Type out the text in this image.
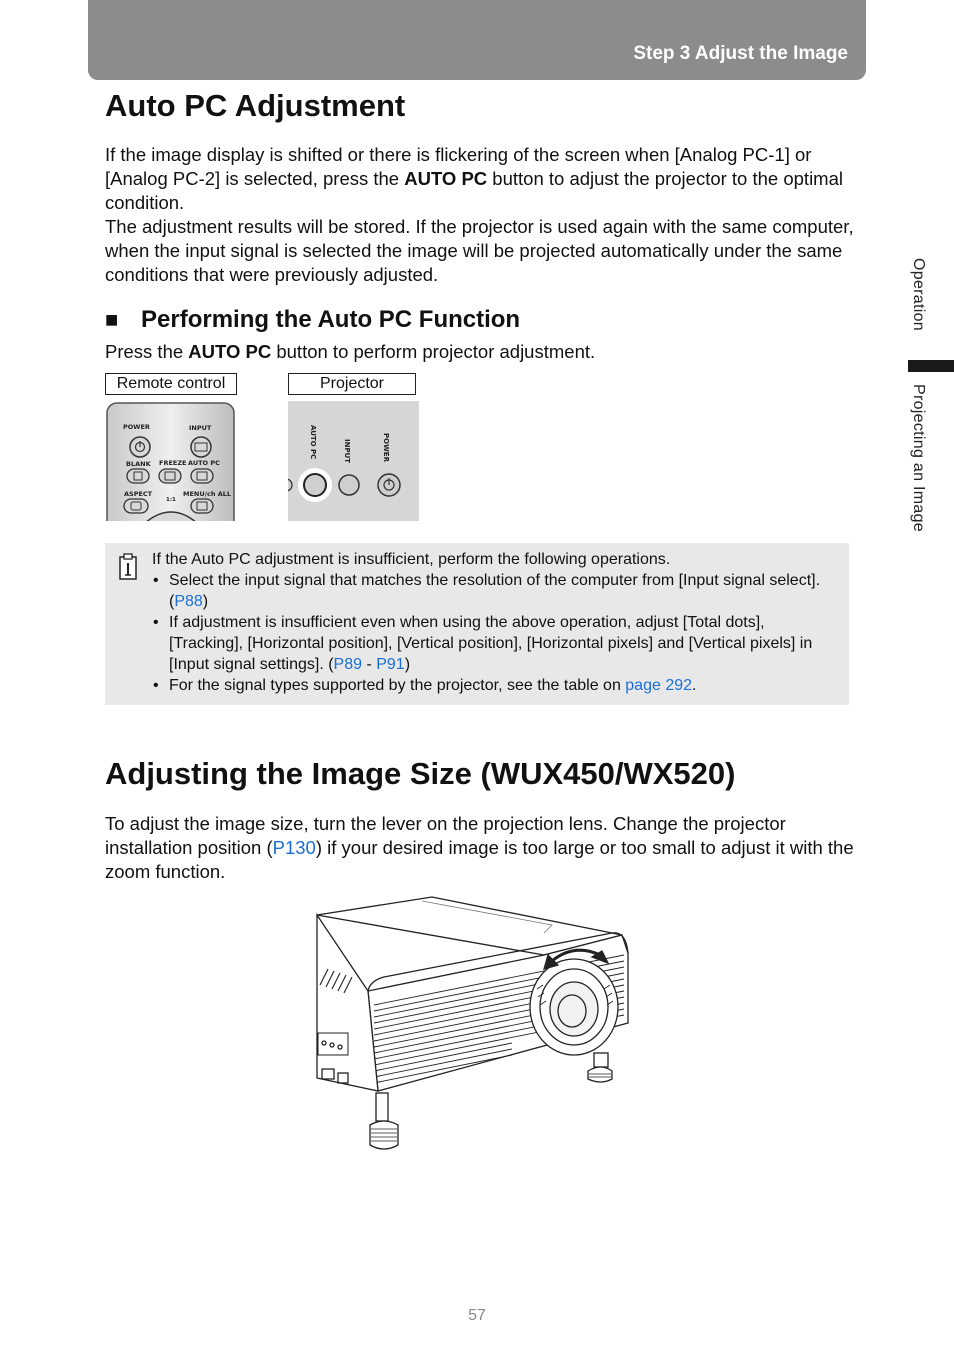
Step 3 Adjust the Image
Auto PC Adjustment
If the image display is shifted or there is flickering of the screen when [Analog PC-1] or [Analog PC-2] is selected, press the AUTO PC button to adjust the projector to the optimal condition.
The adjustment results will be stored. If the projector is used again with the same computer, when the input signal is selected the image will be projected automatically under the same conditions that were previously adjusted.
■ Performing the Auto PC Function
Press the AUTO PC button to perform projector adjustment.
Remote control	Projector
POWER	INPUT
BLANK FREEZE AUTO PC
ASPECT	MENU/ch ALL
1:1
AUTO PC	INPUT	POWER
If the Auto PC adjustment is insufficient, perform the following operations.
• Select the input signal that matches the resolution of the computer from [Input signal select]. (P88)
• If adjustment is insufficient even when using the above operation, adjust [Total dots], [Tracking], [Horizontal position], [Vertical position], [Horizontal pixels] and [Vertical pixels] in [Input signal settings]. (P89 - P91)
• For the signal types supported by the projector, see the table on page 292.
Adjusting the Image Size (WUX450/WX520)
To adjust the image size, turn the lever on the projection lens. Change the projector installation position (P130) if your desired image is too large or too small to adjust it with the zoom function.
Operation
Projecting an Image
57
